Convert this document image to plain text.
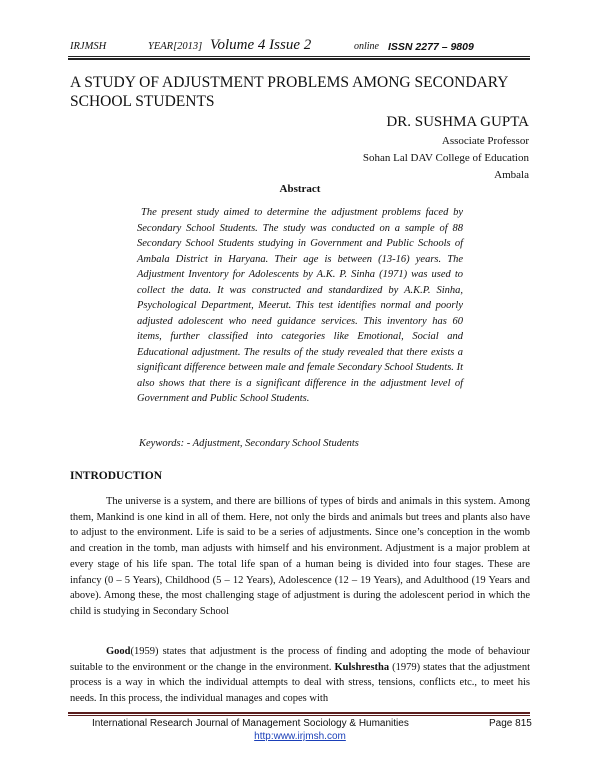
IRJMSH	YEAR[2013] Volume 4 Issue 2	online ISSN 2277 – 9809
A STUDY OF ADJUSTMENT PROBLEMS AMONG SECONDARY SCHOOL STUDENTS
DR. SUSHMA GUPTA
Associate Professor
Sohan Lal DAV College of Education
Ambala
Abstract
The present study aimed to determine the adjustment problems faced by Secondary School Students. The study was conducted on a sample of 88 Secondary School Students studying in Government and Public Schools of Ambala District in Haryana. Their age is between (13-16) years. The Adjustment Inventory for Adolescents by A.K. P. Sinha (1971) was used to collect the data. It was constructed and standardized by A.K.P. Sinha, Psychological Department, Meerut. This test identifies normal and poorly adjusted adolescent who need guidance services. This inventory has 60 items, further classified into categories like Emotional, Social and Educational adjustment. The results of the study revealed that there exists a significant difference between male and female Secondary School Students. It also shows that there is a significant difference in the adjustment level of Government and Public School Students.
Keywords: - Adjustment, Secondary School Students
INTRODUCTION
The universe is a system, and there are billions of types of birds and animals in this system. Among them, Mankind is one kind in all of them. Here, not only the birds and animals but trees and plants also have to adjust to the environment. Life is said to be a series of adjustments. Since one’s conception in the womb and creation in the tomb, man adjusts with himself and his environment. Adjustment is a major problem at every stage of his life span. The total life span of a human being is divided into four stages. These are infancy (0 – 5 Years), Childhood (5 – 12 Years), Adolescence (12 – 19 Years), and Adulthood (19 Years and above). Among these, the most challenging stage of adjustment is during the adolescent period in which the child is studying in Secondary School
Good(1959) states that adjustment is the process of finding and adopting the mode of behaviour suitable to the environment or the change in the environment. Kulshrestha (1979) states that the adjustment process is a way in which the individual attempts to deal with stress, tensions, conflicts etc., to meet his needs. In this process, the individual manages and copes with
International Research Journal of Management Sociology & Humanities	Page 815
http:www.irjmsh.com
